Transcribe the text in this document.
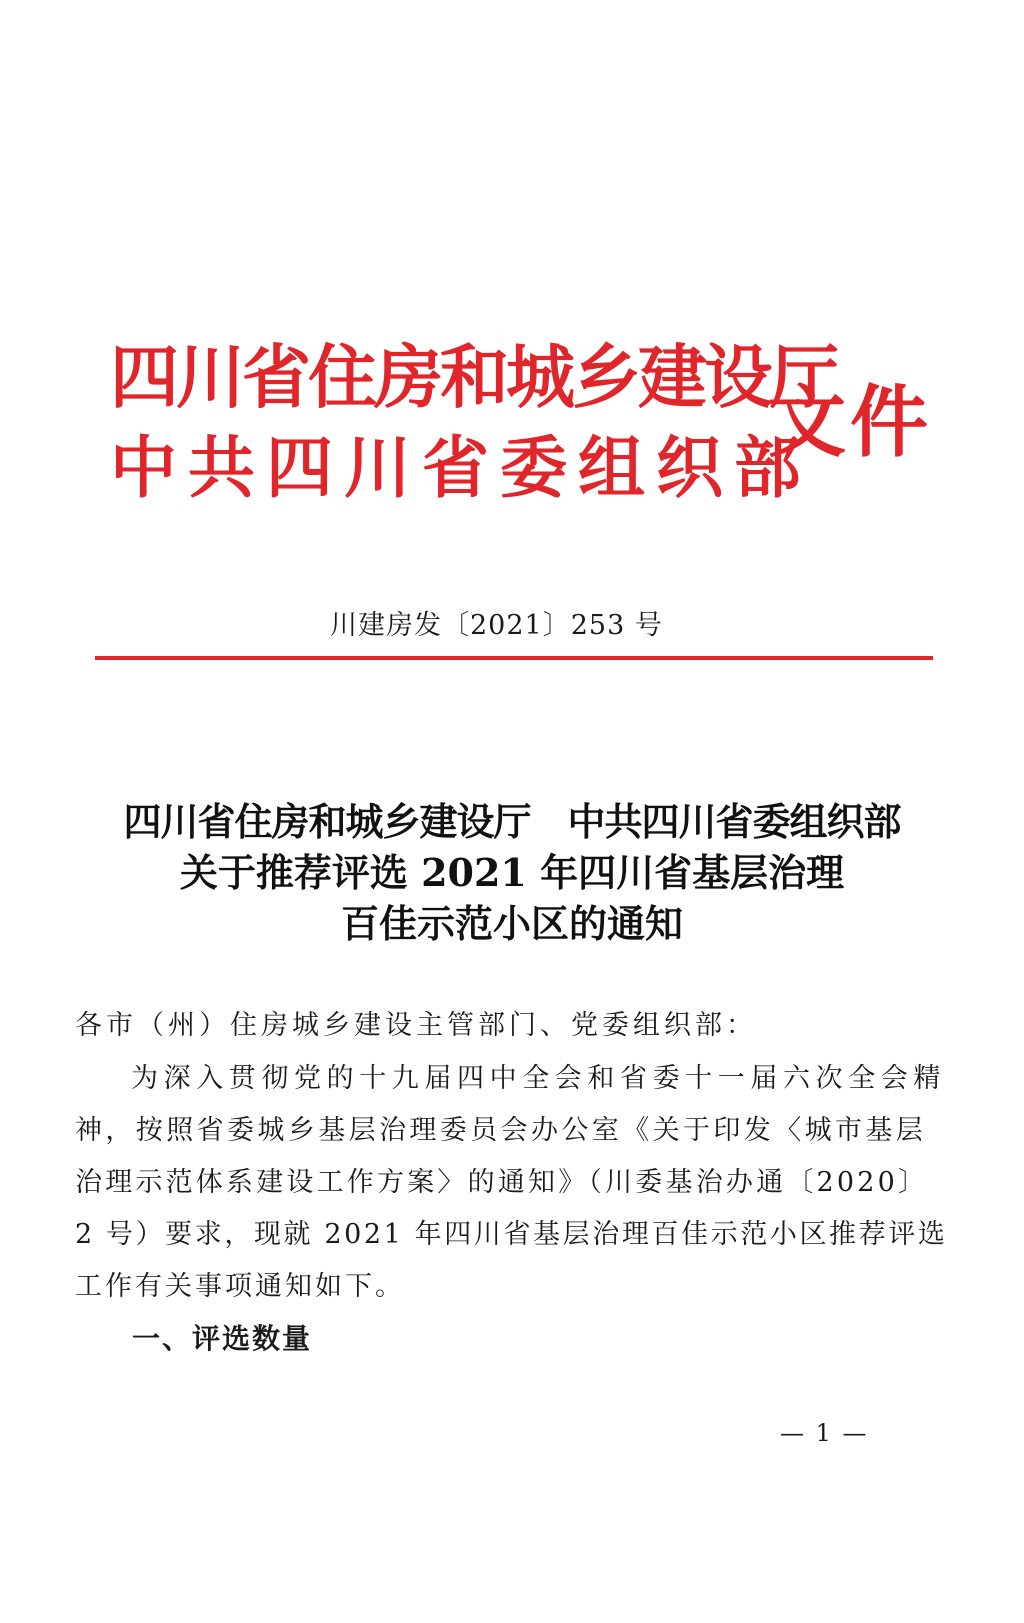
四川省住房和城乡建设厅

中共四川省委组织部

文件

川建房发〔2021〕253 号
四川省住房和城乡建设厅　中共四川省委组织部
关于推荐评选 2021 年四川省基层治理
百佳示范小区的通知

各市（州）住房城乡建设主管部门、党委组织部：

为深入贯彻党的十九届四中全会和省委十一届六次全会精

神，按照省委城乡基层治理委员会办公室《关于印发〈城市基层

治理示范体系建设工作方案〉的通知》（川委基治办通〔2020〕

2 号）要求，现就 2021 年四川省基层治理百佳示范小区推荐评选

工作有关事项通知如下。

一、评选数量

— 1 —
